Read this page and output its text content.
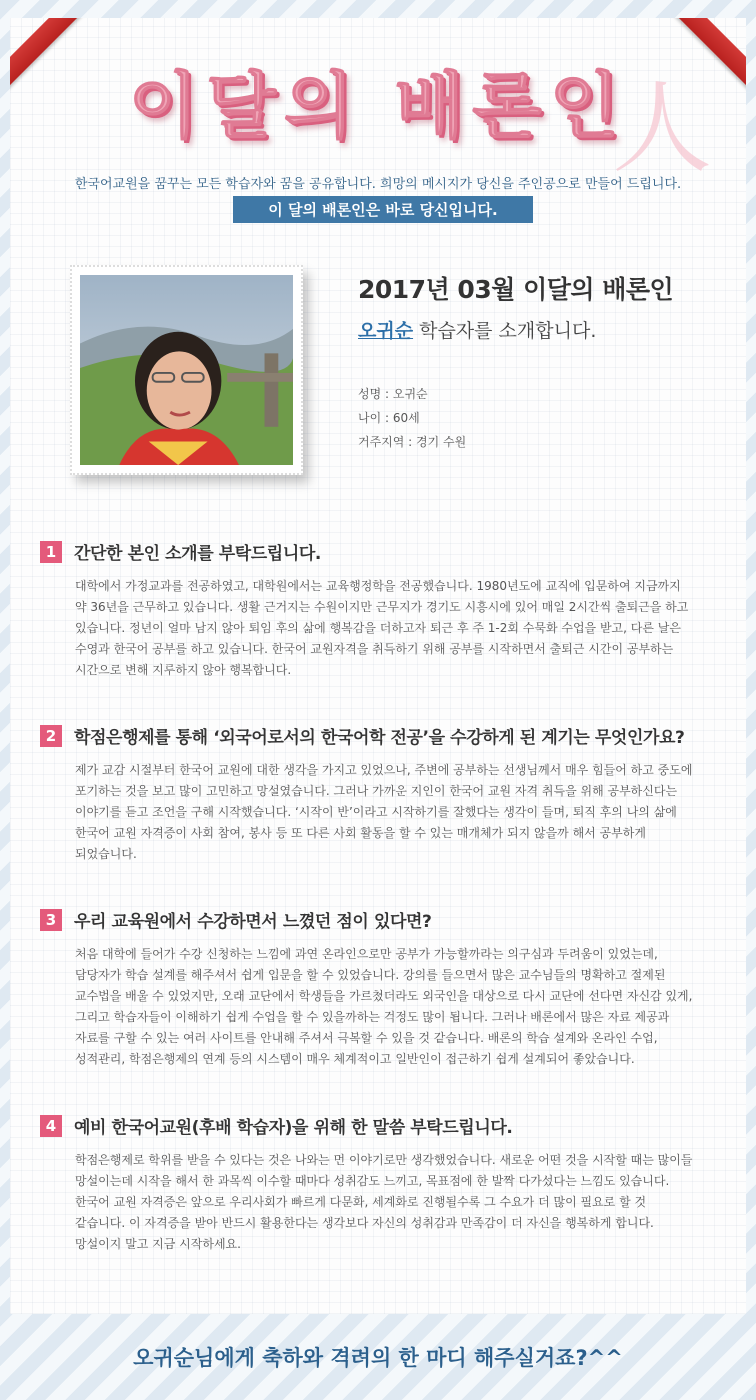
人
이달의 배론인
한국어교원을 꿈꾸는 모든 학습자와 꿈을 공유합니다. 희망의 메시지가 당신을 주인공으로 만들어 드립니다.
이 달의 배론인은 바로 당신입니다.
2017년 03월 이달의 배론인
오귀순 학습자를 소개합니다.
성명 : 오귀순
나이 : 60세
거주지역 : 경기 수원
1	간단한 본인 소개를 부탁드립니다.

대학에서 가정교과를 전공하였고, 대학원에서는 교육행정학을 전공했습니다. 1980년도에 교직에 입문하여 지금까지

약 36년을 근무하고 있습니다. 생활 근거지는 수원이지만 근무지가 경기도 시흥시에 있어 매일 2시간씩 출퇴근을 하고

있습니다. 정년이 얼마 남지 않아 퇴임 후의 삶에 행복감을 더하고자 퇴근 후 주 1-2회 수묵화 수업을 받고, 다른 날은

수영과 한국어 공부를 하고 있습니다. 한국어 교원자격을 취득하기 위해 공부를 시작하면서 출퇴근 시간이 공부하는

시간으로 변해 지루하지 않아 행복합니다.

2	학점은행제를 통해 ‘외국어로서의 한국어학 전공’을 수강하게 된 계기는 무엇인가요?

제가 교감 시절부터 한국어 교원에 대한 생각을 가지고 있었으나, 주변에 공부하는 선생님께서 매우 힘들어 하고 중도에

포기하는 것을 보고 많이 고민하고 망설였습니다. 그러나 가까운 지인이 한국어 교원 자격 취득을 위해 공부하신다는

이야기를 듣고 조언을 구해 시작했습니다. ‘시작이 반’이라고 시작하기를 잘했다는 생각이 들며, 퇴직 후의 나의 삶에

한국어 교원 자격증이 사회 참여, 봉사 등 또 다른 사회 활동을 할 수 있는 매개체가 되지 않을까 해서 공부하게

되었습니다.

3	우리 교육원에서 수강하면서 느꼈던 점이 있다면?

처음 대학에 들어가 수강 신청하는 느낌에 과연 온라인으로만 공부가 가능할까라는 의구심과 두려움이 있었는데,

담당자가 학습 설계를 해주셔서 쉽게 입문을 할 수 있었습니다. 강의를 들으면서 많은 교수님들의 명확하고 절제된

교수법을 배울 수 있었지만, 오래 교단에서 학생들을 가르쳤더라도 외국인을 대상으로 다시 교단에 선다면 자신감 있게,

그리고 학습자들이 이해하기 쉽게 수업을 할 수 있을까하는 걱정도 많이 됩니다. 그러나 배론에서 많은 자료 제공과

자료를 구할 수 있는 여러 사이트를 안내해 주셔서 극복할 수 있을 것 같습니다. 배론의 학습 설계와 온라인 수업,

성적관리, 학점은행제의 연계 등의 시스템이 매우 체계적이고 일반인이 접근하기 쉽게 설계되어 좋았습니다.

4	예비 한국어교원(후배 학습자)을 위해 한 말씀 부탁드립니다.

학점은행제로 학위를 받을 수 있다는 것은 나와는 먼 이야기로만 생각했었습니다. 새로운 어떤 것을 시작할 때는 많이들

망설이는데 시작을 해서 한 과목씩 이수할 때마다 성취감도 느끼고, 목표점에 한 발짝 다가섰다는 느낌도 있습니다.

한국어 교원 자격증은 앞으로 우리사회가 빠르게 다문화, 세계화로 진행될수록 그 수요가 더 많이 필요로 할 것

같습니다. 이 자격증을 받아 반드시 활용한다는 생각보다 자신의 성취감과 만족감이 더 자신을 행복하게 합니다.

망설이지 말고 지금 시작하세요.

오귀순님에게 축하와 격려의 한 마디 해주실거죠?^^
